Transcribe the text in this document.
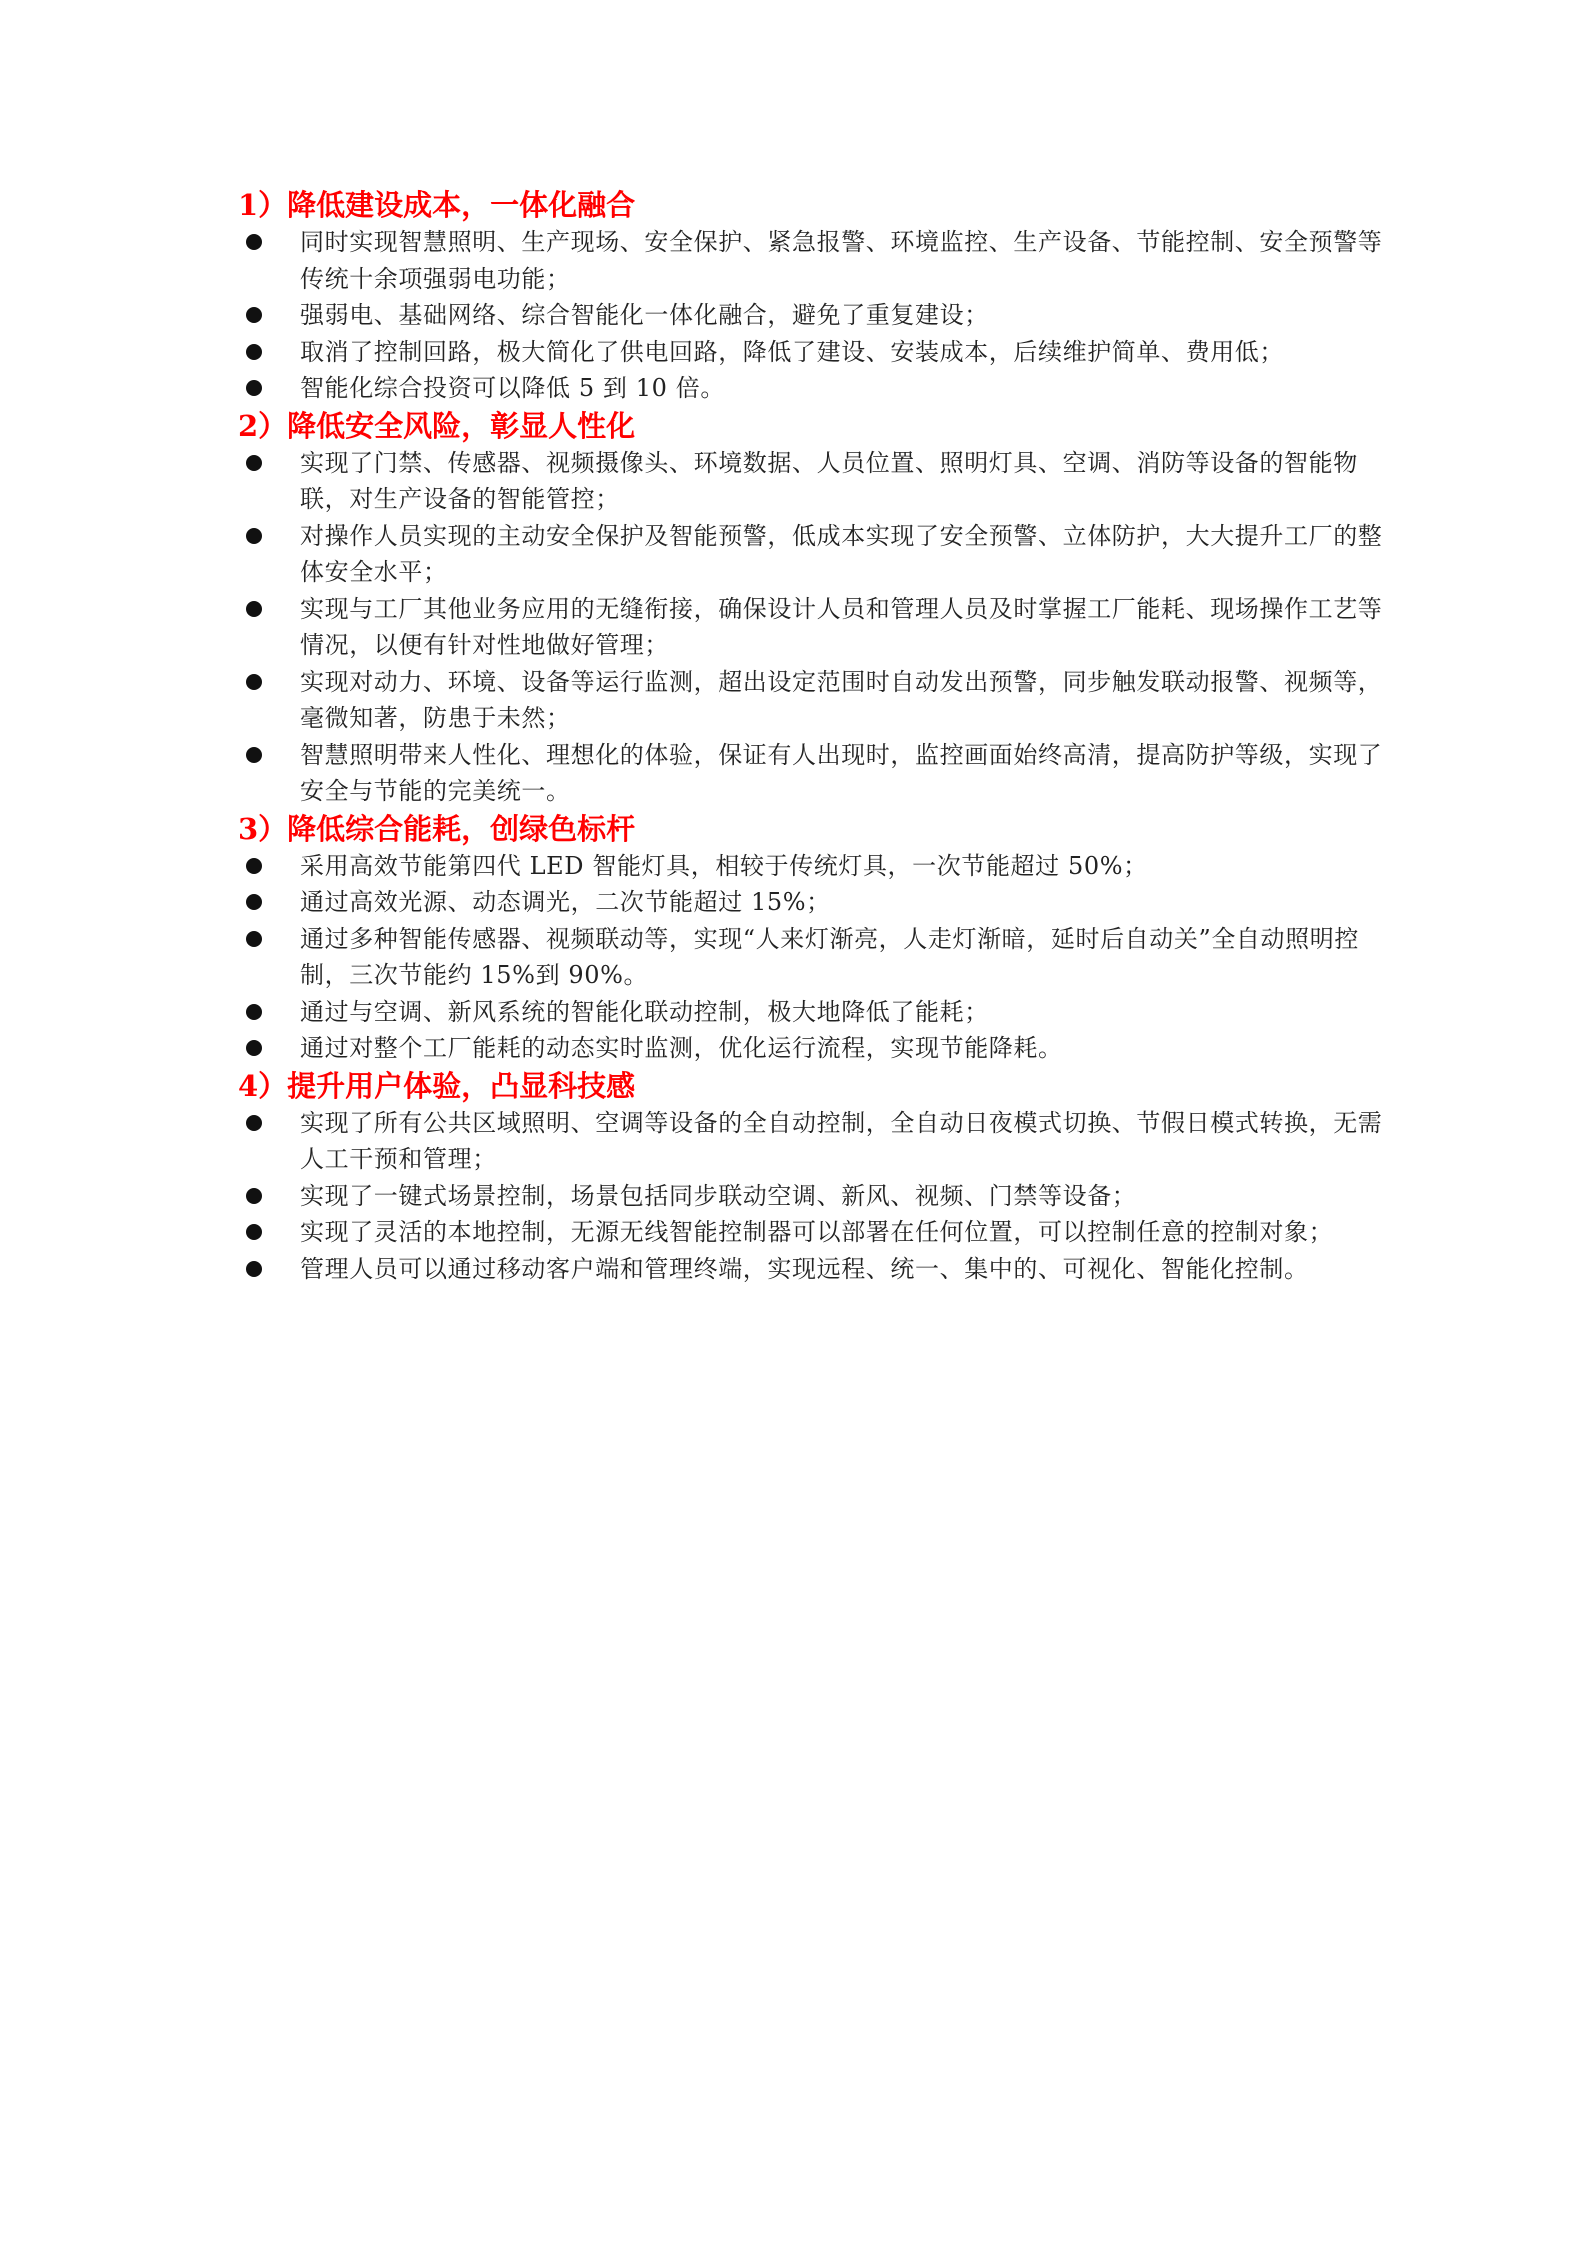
1）降低建设成本，一体化融合
同时实现智慧照明、生产现场、安全保护、紧急报警、环境监控、生产设备、节能控制、安全预警等传统十余项强弱电功能；
强弱电、基础网络、综合智能化一体化融合，避免了重复建设；
取消了控制回路，极大简化了供电回路，降低了建设、安装成本，后续维护简单、费用低；
智能化综合投资可以降低 5 到 10 倍。
2）降低安全风险，彰显人性化
实现了门禁、传感器、视频摄像头、环境数据、人员位置、照明灯具、空调、消防等设备的智能物联，对生产设备的智能管控；
对操作人员实现的主动安全保护及智能预警，低成本实现了安全预警、立体防护，大大提升工厂的整体安全水平；
实现与工厂其他业务应用的无缝衔接，确保设计人员和管理人员及时掌握工厂能耗、现场操作工艺等情况，以便有针对性地做好管理；
实现对动力、环境、设备等运行监测，超出设定范围时自动发出预警，同步触发联动报警、视频等，毫微知著，防患于未然；
智慧照明带来人性化、理想化的体验，保证有人出现时，监控画面始终高清，提高防护等级，实现了安全与节能的完美统一。
3）降低综合能耗，创绿色标杆
采用高效节能第四代 LED 智能灯具，相较于传统灯具，一次节能超过 50%；
通过高效光源、动态调光，二次节能超过 15%；
通过多种智能传感器、视频联动等，实现“人来灯渐亮，人走灯渐暗，延时后自动关”全自动照明控制，三次节能约 15%到 90%。
通过与空调、新风系统的智能化联动控制，极大地降低了能耗；
通过对整个工厂能耗的动态实时监测，优化运行流程，实现节能降耗。
4）提升用户体验，凸显科技感
实现了所有公共区域照明、空调等设备的全自动控制，全自动日夜模式切换、节假日模式转换，无需人工干预和管理；
实现了一键式场景控制，场景包括同步联动空调、新风、视频、门禁等设备；
实现了灵活的本地控制，无源无线智能控制器可以部署在任何位置，可以控制任意的控制对象；
管理人员可以通过移动客户端和管理终端，实现远程、统一、集中的、可视化、智能化控制。
